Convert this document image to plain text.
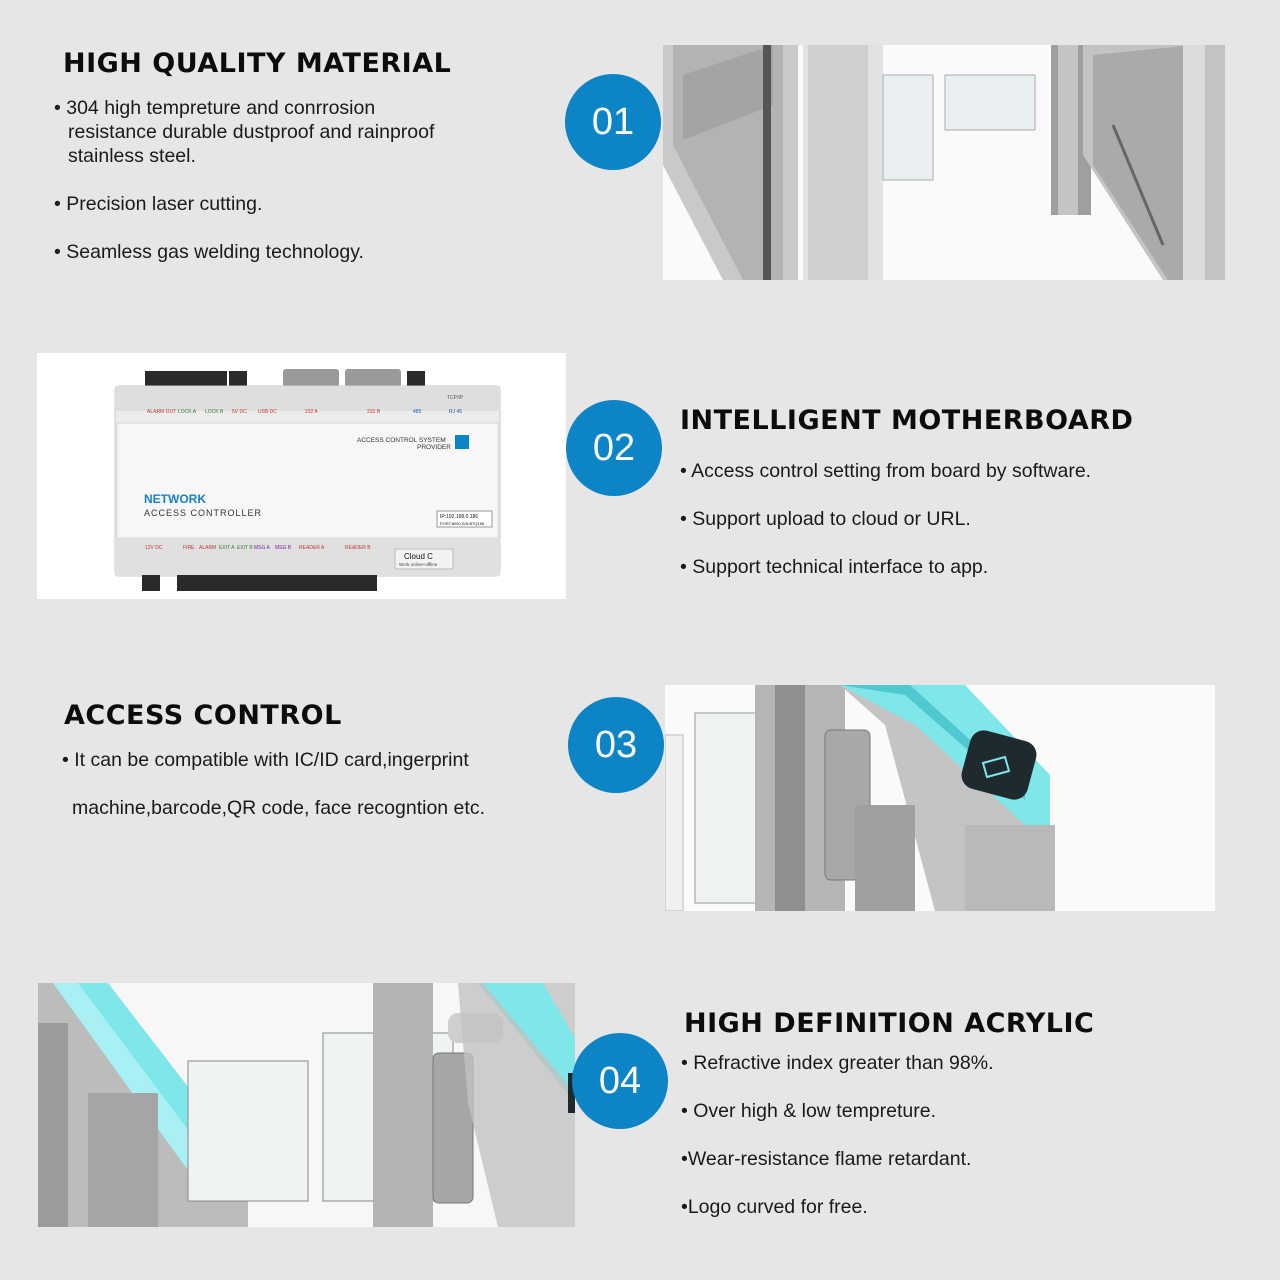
HIGH QUALITY MATERIAL
• 304 high tempreture and conrrosion
resistance durable dustproof and rainproof
stainless steel.
• Precision laser cutting.
• Seamless gas welding technology.
01
ALARM OUT LOCK A LOCK B 5V DC USB DC	232 A	232 B	485	RJ 45
TCP/IP
ACCESS CONTROL SYSTEM
PROVIDER
NETWORK
ACCESS CONTROLLER	IP:192.168.0.186
PORT:8000 S/N:B7Q186
12V DC	FIRE ALARM EXIT A EXIT B MSG A MSG B READER A	READER B
Cloud C
Work online+offline
02
INTELLIGENT MOTHERBOARD
• Access control setting from board by software.
• Support upload to cloud or URL.
• Support technical interface to app.
ACCESS CONTROL
• It can be compatible with IC/ID card,ingerprint
machine,barcode,QR code, face recogntion etc.
03
04
HIGH DEFINITION ACRYLIC
• Refractive index greater than 98%.
• Over high & low tempreture.
•Wear-resistance flame retardant.
•Logo curved for free.
